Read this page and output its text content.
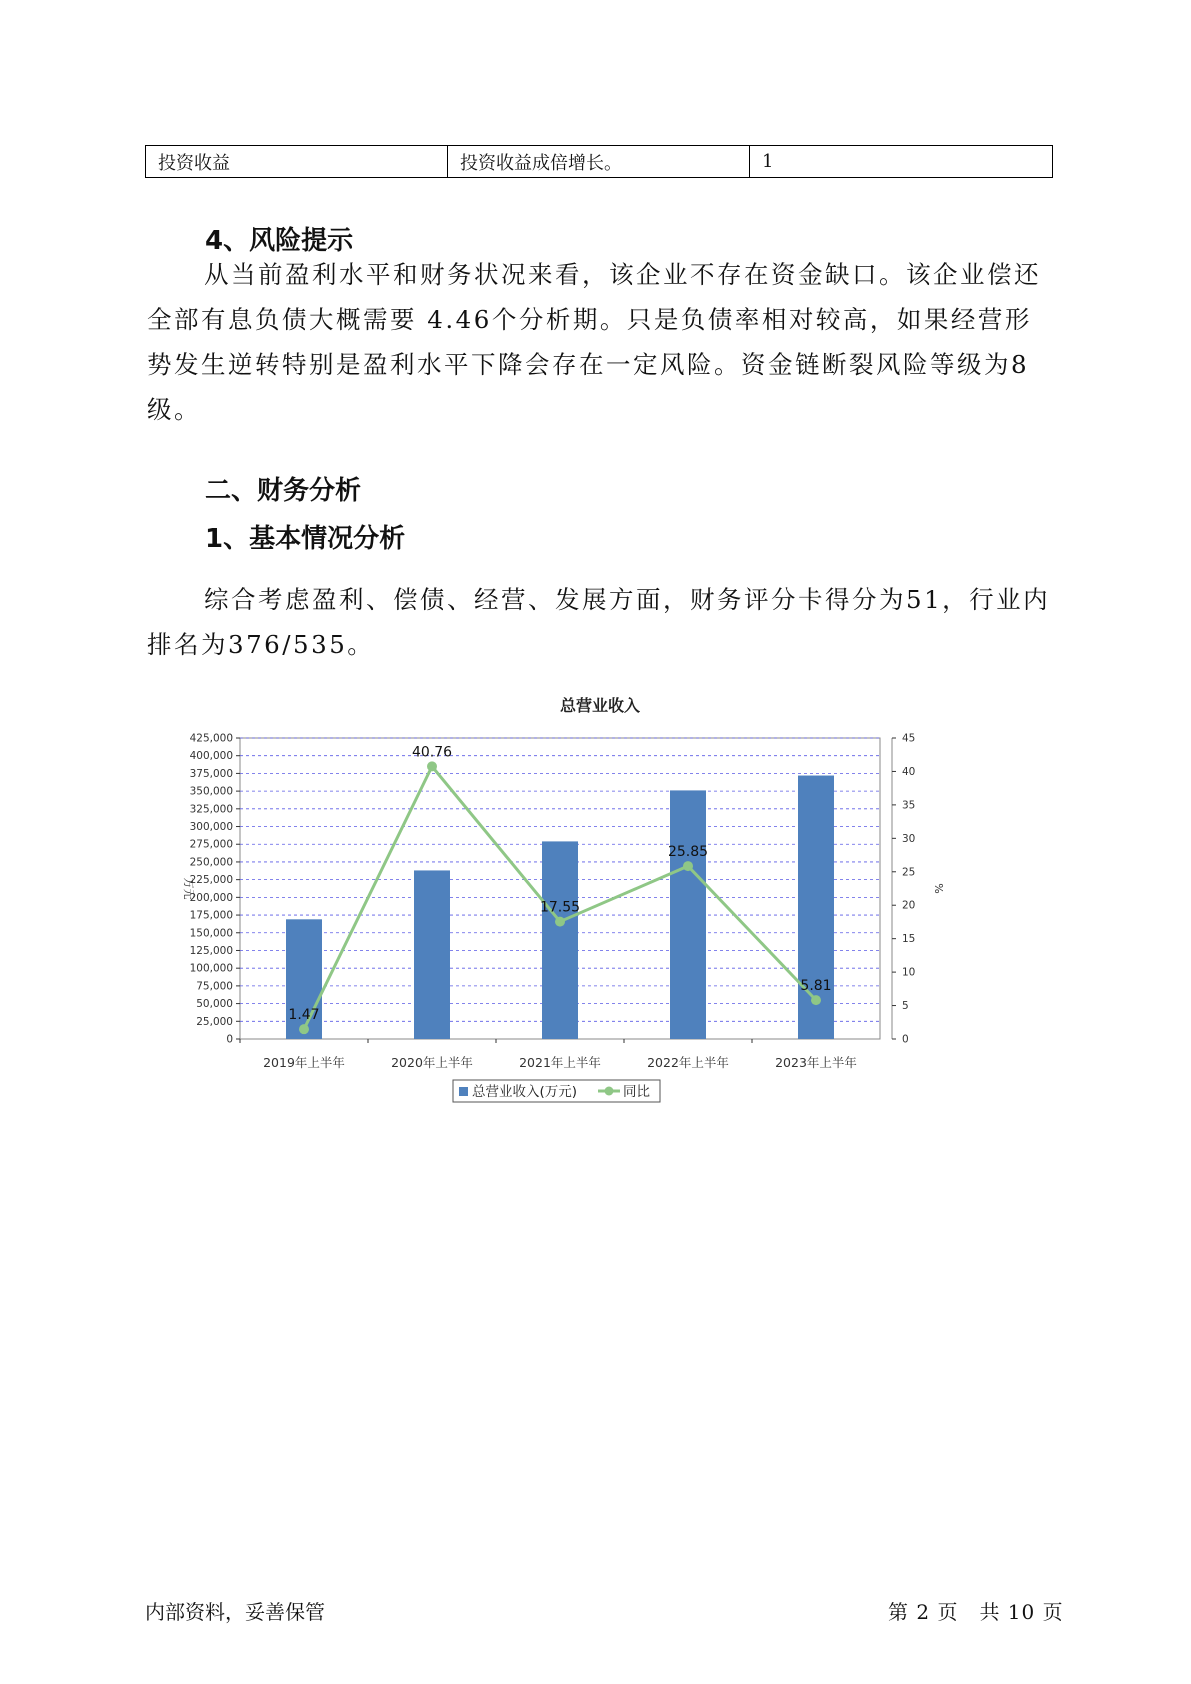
投资收益	投资收益成倍增长。	1
4、风险提示

从当前盈利水平和财务状况来看，该企业不存在资金缺口。该企业偿还全部有息负债大概需要 4.46个分析期。只是负债率相对较高，如果经营形势发生逆转特别是盈利水平下降会存在一定风险。资金链断裂风险等级为8级。

二、财务分析
1、基本情况分析

综合考虑盈利、偿债、经营、发展方面，财务评分卡得分为51，行业内排名为376/535。

总营业收入
0
25,000
50,000
75,000
100,000
125,000
150,000
175,000
200,000
225,000
250,000
275,000
300,000
325,000
350,000
375,000
400,000
425,000
0
5
10
15
20
25
30
35
40
45
万元	%
2019年上半年	2020年上半年	2021年上半年	2022年上半年	2023年上半年
1.47
40.76
17.55
25.85
5.81
总营业收入(万元)	同比
内部资料，妥善保管	第 2 页　共 10 页
